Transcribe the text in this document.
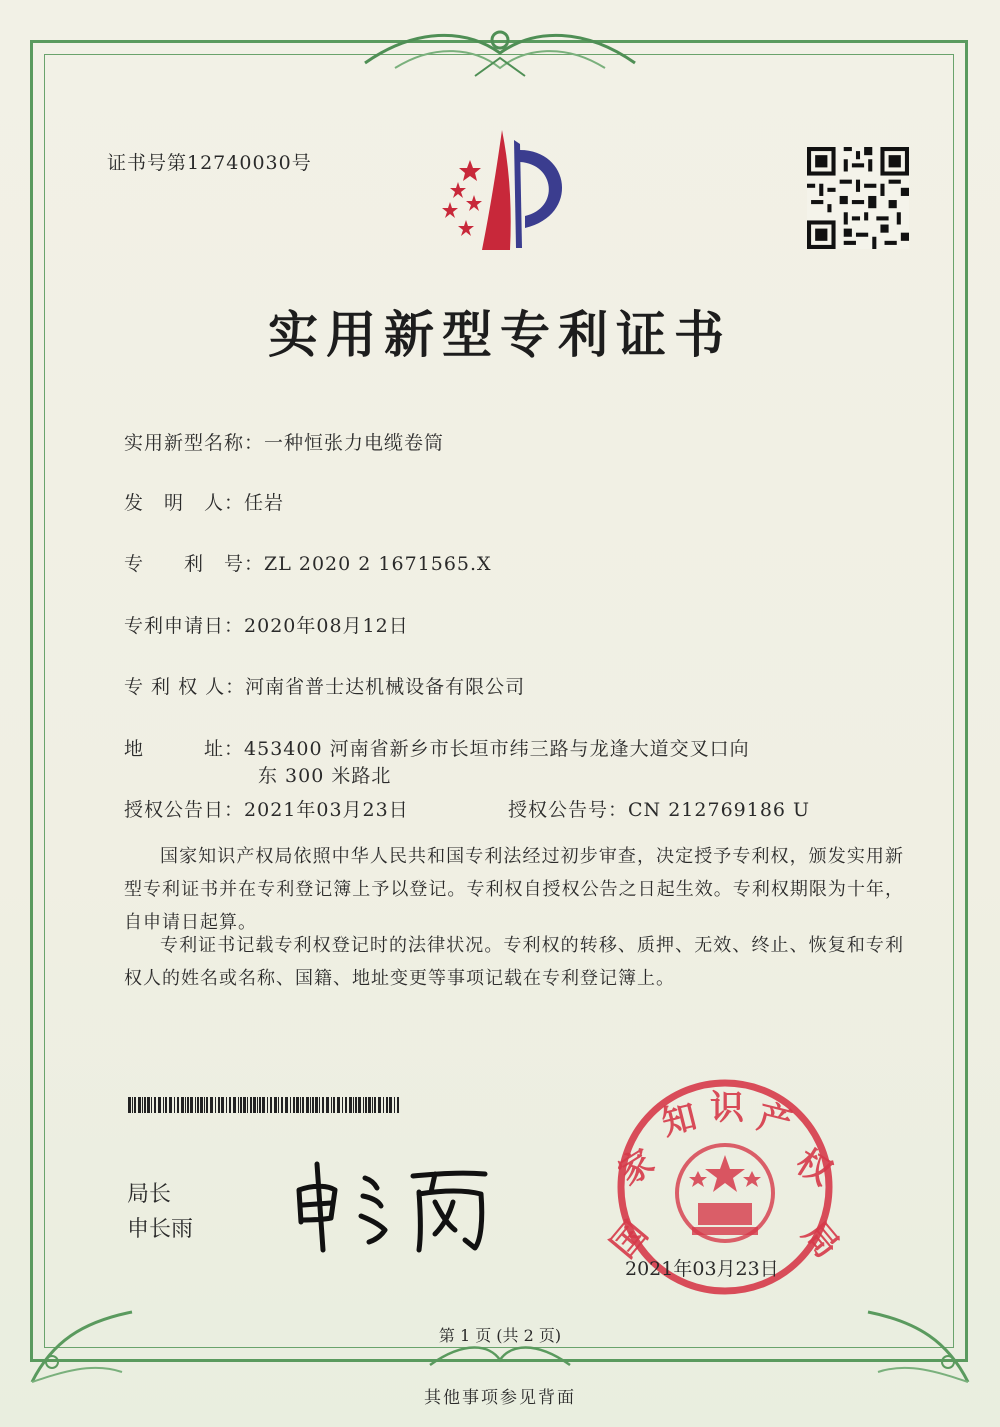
证书号第12740030号
实用新型专利证书
实用新型名称：一种恒张力电缆卷筒
发　明　人：任岩
专　　利　号：ZL 2020 2 1671565.X
专利申请日：2020年08月12日
专 利 权 人：河南省普士达机械设备有限公司
地　　　址：453400 河南省新乡市长垣市纬三路与龙逢大道交叉口向
东 300 米路北
授权公告日：2021年03月23日	授权公告号：CN 212769186 U
国家知识产权局依照中华人民共和国专利法经过初步审查，决定授予专利权，颁发实用新型专利证书并在专利登记簿上予以登记。专利权自授权公告之日起生效。专利权期限为十年，自申请日起算。
专利证书记载专利权登记时的法律状况。专利权的转移、质押、无效、终止、恢复和专利权人的姓名或名称、国籍、地址变更等事项记载在专利登记簿上。
局长
申长雨	国
家
知 识 产
权
局
2021年03月23日
第 1 页 (共 2 页)
其他事项参见背面
